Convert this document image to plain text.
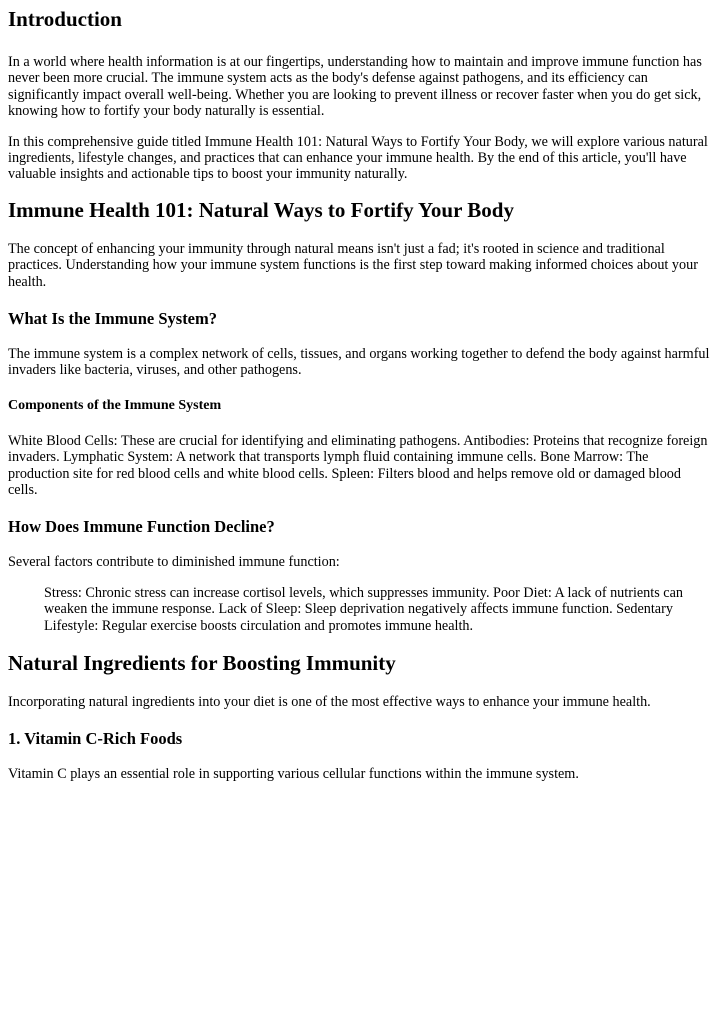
Introduction

In a world where health information is at our fingertips, understanding how to maintain and improve immune function has never been more crucial. The immune system acts as the body's defense against pathogens, and its efficiency can significantly impact overall well-being. Whether you are looking to prevent illness or recover faster when you do get sick, knowing how to fortify your body naturally is essential.

In this comprehensive guide titled Immune Health 101: Natural Ways to Fortify Your Body, we will explore various natural ingredients, lifestyle changes, and practices that can enhance your immune health. By the end of this article, you'll have valuable insights and actionable tips to boost your immunity naturally.

Immune Health 101: Natural Ways to Fortify Your Body

The concept of enhancing your immunity through natural means isn't just a fad; it's rooted in science and traditional practices. Understanding how your immune system functions is the first step toward making informed choices about your health.

What Is the Immune System?

The immune system is a complex network of cells, tissues, and organs working together to defend the body against harmful invaders like bacteria, viruses, and other pathogens.

Components of the Immune System

White Blood Cells: These are crucial for identifying and eliminating pathogens. Antibodies: Proteins that recognize foreign invaders. Lymphatic System: A network that transports lymph fluid containing immune cells. Bone Marrow: The production site for red blood cells and white blood cells. Spleen: Filters blood and helps remove old or damaged blood cells.

How Does Immune Function Decline?

Several factors contribute to diminished immune function:

Stress: Chronic stress can increase cortisol levels, which suppresses immunity. Poor Diet: A lack of nutrients can weaken the immune response. Lack of Sleep: Sleep deprivation negatively affects immune function. Sedentary Lifestyle: Regular exercise boosts circulation and promotes immune health.
Natural Ingredients for Boosting Immunity

Incorporating natural ingredients into your diet is one of the most effective ways to enhance your immune health.

1. Vitamin C-Rich Foods

Vitamin C plays an essential role in supporting various cellular functions within the immune system.
